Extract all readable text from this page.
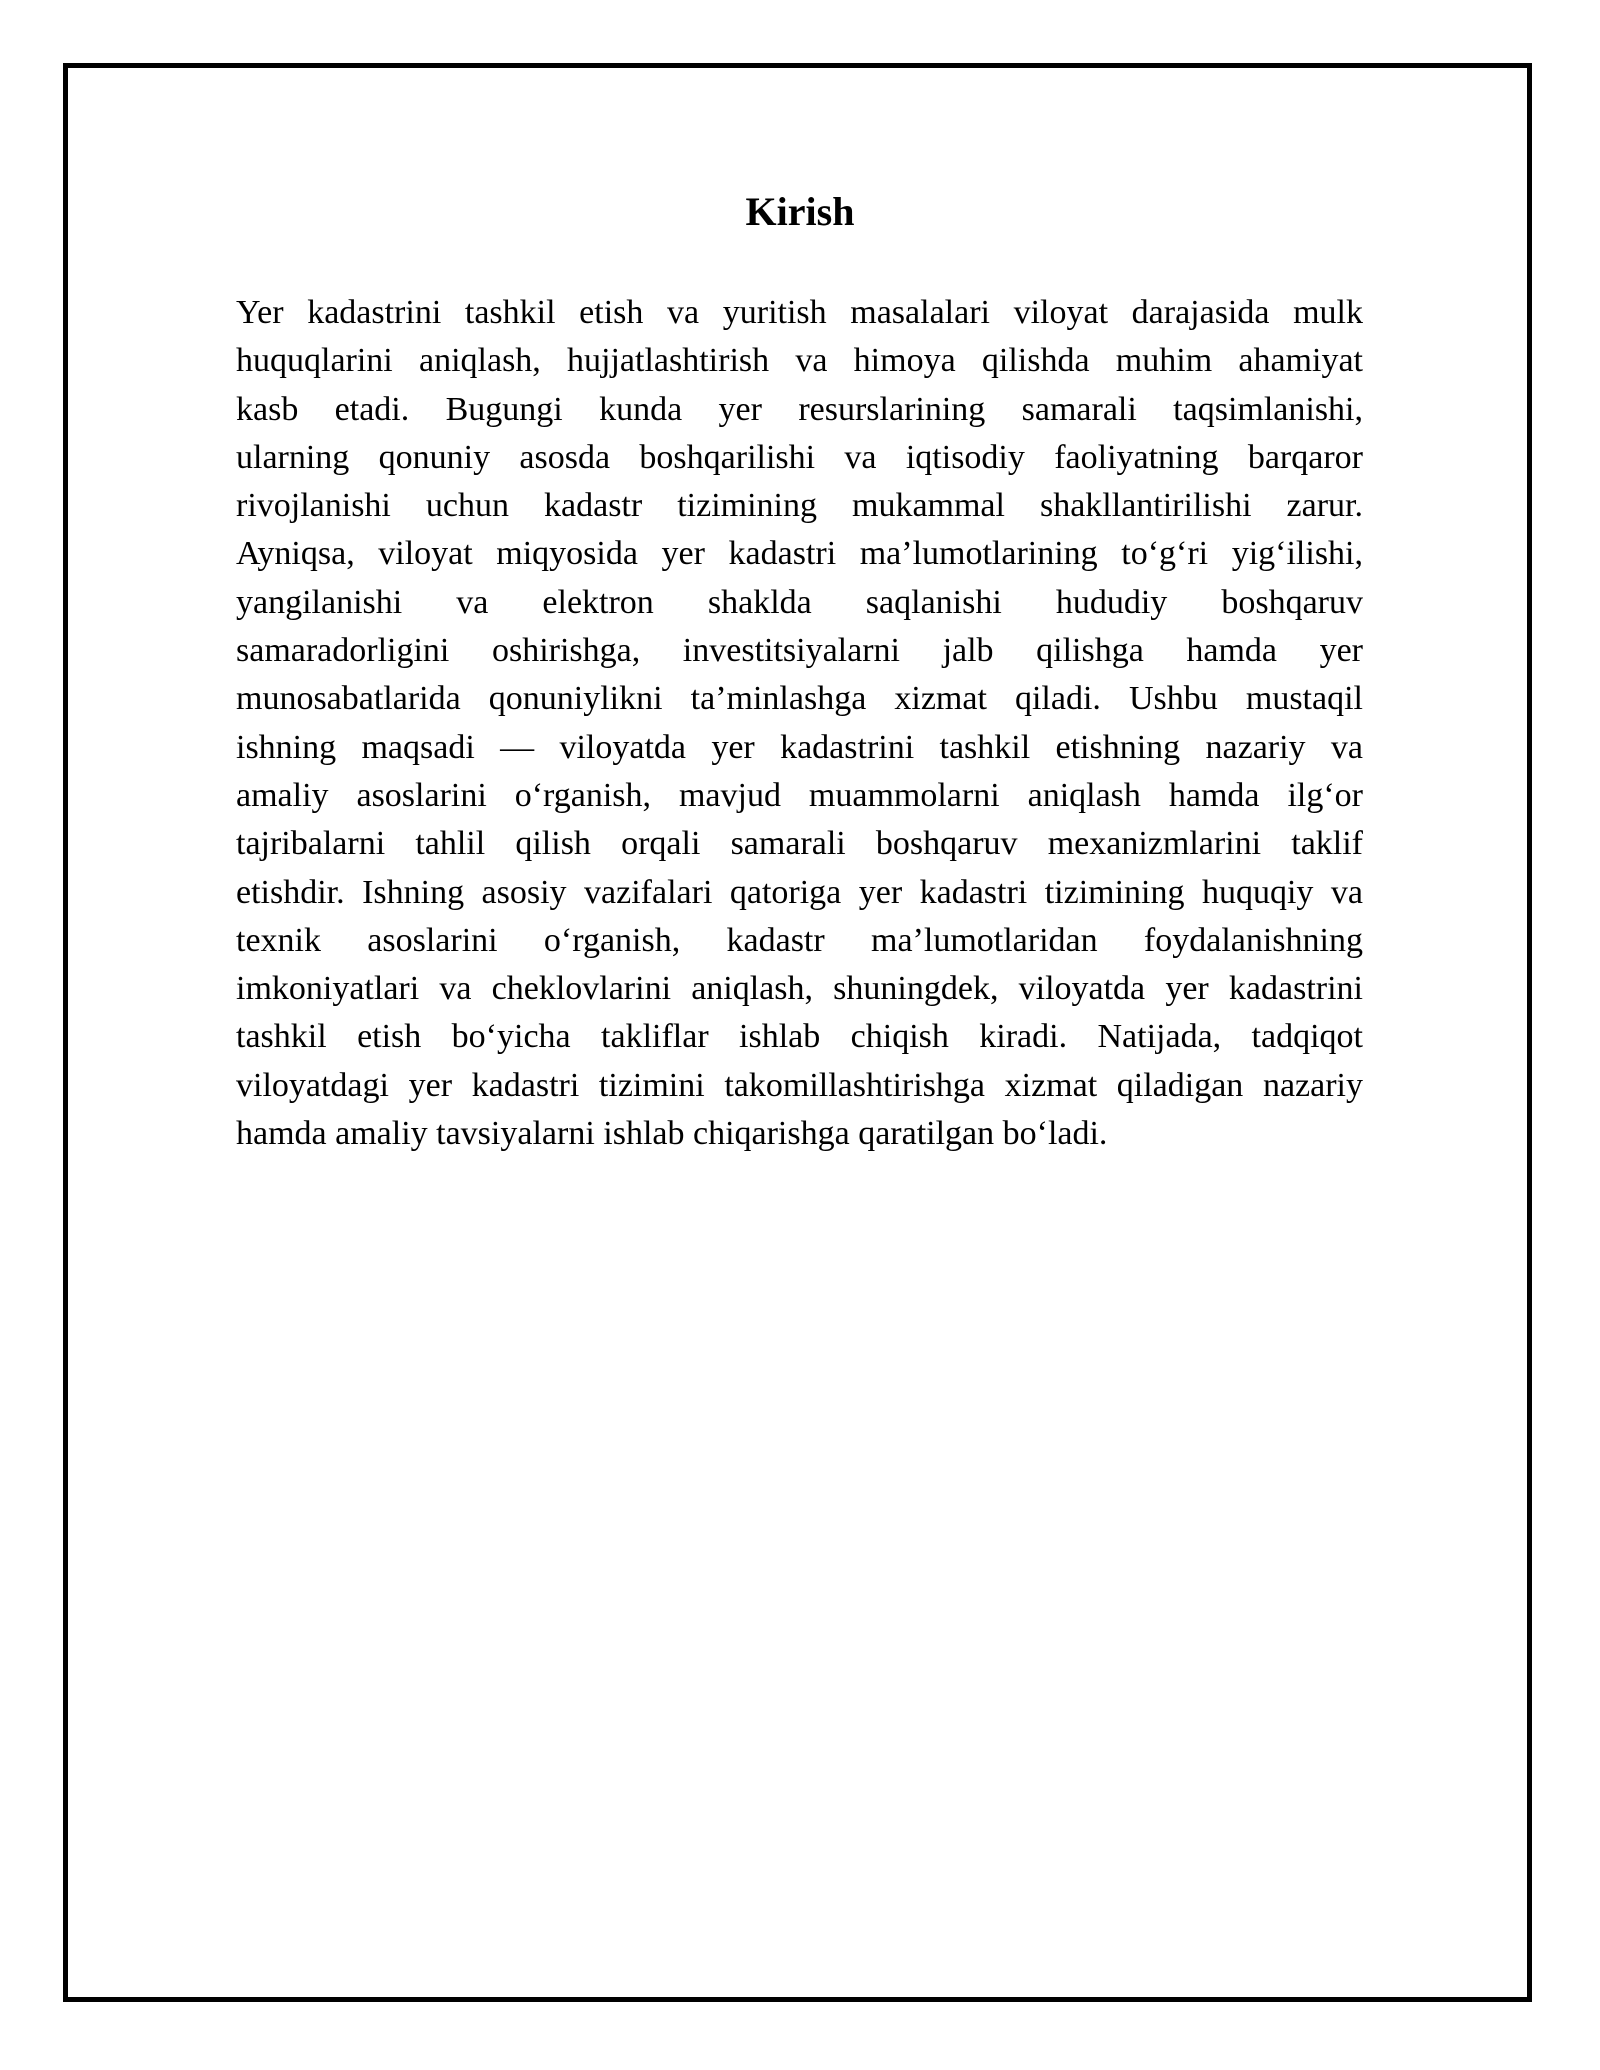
Kirish
Yer kadastrini tashkil etish va yuritish masalalari viloyat darajasida mulk
huquqlarini aniqlash, hujjatlashtirish va himoya qilishda muhim ahamiyat
kasb etadi. Bugungi kunda yer resurslarining samarali taqsimlanishi,
ularning qonuniy asosda boshqarilishi va iqtisodiy faoliyatning barqaror
rivojlanishi uchun kadastr tizimining mukammal shakllantirilishi zarur.
Ayniqsa, viloyat miqyosida yer kadastri ma’lumotlarining to‘g‘ri yig‘ilishi,
yangilanishi va elektron shaklda saqlanishi hududiy boshqaruv
samaradorligini oshirishga, investitsiyalarni jalb qilishga hamda yer
munosabatlarida qonuniylikni ta’minlashga xizmat qiladi. Ushbu mustaqil
ishning maqsadi — viloyatda yer kadastrini tashkil etishning nazariy va
amaliy asoslarini o‘rganish, mavjud muammolarni aniqlash hamda ilg‘or
tajribalarni tahlil qilish orqali samarali boshqaruv mexanizmlarini taklif
etishdir. Ishning asosiy vazifalari qatoriga yer kadastri tizimining huquqiy va
texnik asoslarini o‘rganish, kadastr ma’lumotlaridan foydalanishning
imkoniyatlari va cheklovlarini aniqlash, shuningdek, viloyatda yer kadastrini
tashkil etish bo‘yicha takliflar ishlab chiqish kiradi. Natijada, tadqiqot
viloyatdagi yer kadastri tizimini takomillashtirishga xizmat qiladigan nazariy
hamda amaliy tavsiyalarni ishlab chiqarishga qaratilgan bo‘ladi.
